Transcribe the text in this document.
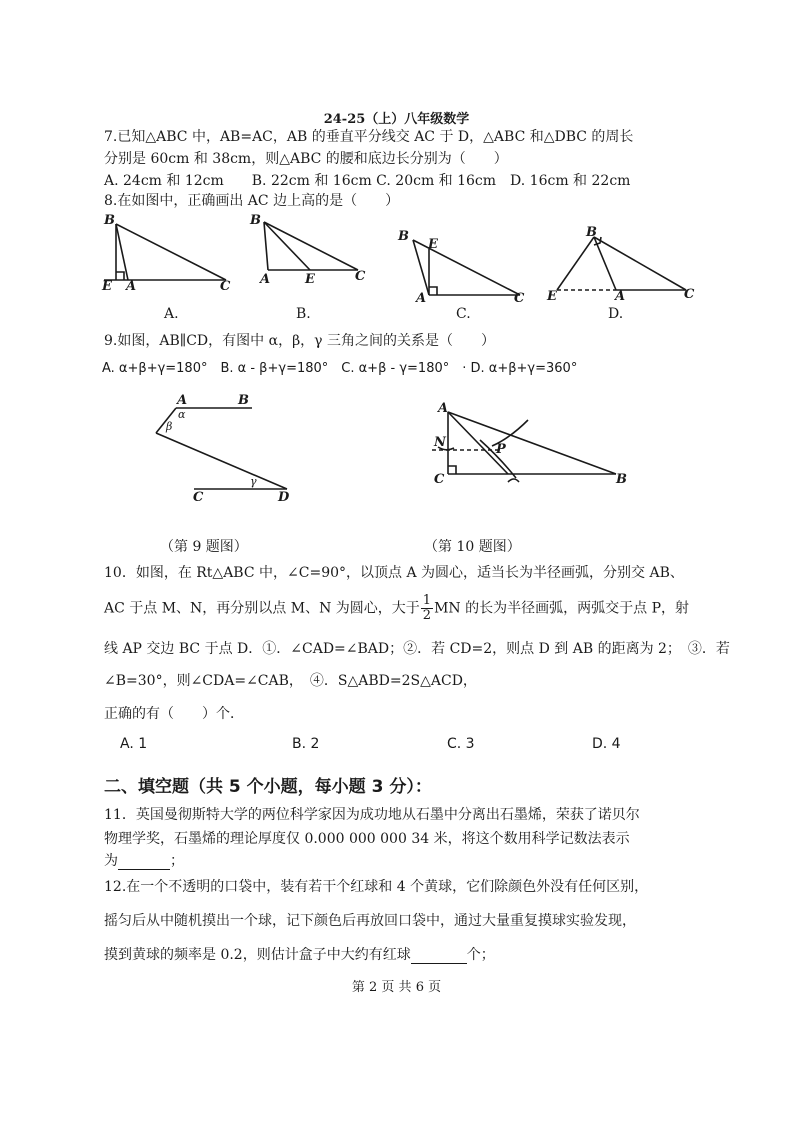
24-25（上）八年级数学
7.已知△ABC 中，AB=AC，AB 的垂直平分线交 AC 于 D，△ABC 和△DBC 的周长
分别是 60cm 和 38cm，则△ABC 的腰和底边长分别为（　　）
A. 24cm 和 12cm　　B. 22cm 和 16cm C. 20cm 和 16cm　D. 16cm 和 22cm
8.在如图中，正确画出 AC 边上高的是（　　）
B
E A	C
B
A	E	C
B
E
A	C
B
E	A	C
A	B
C	D
A
N	P
C	B
α
β
γ
A.	B.	C.	D.
9.如图，AB∥CD，有图中 α，β，γ 三角之间的关系是（　　）
A. α+β+γ=180°　B. α - β+γ=180°　C. α+β - γ=180°　· D. α+β+γ=360°
（第 9 题图）	（第 10 题图）
10．如图，在 Rt△ABC 中，∠C=90°，以顶点 A 为圆心，适当长为半径画弧，分别交 AB、
AC 于点 M、N，再分别以点 M、N 为圆心，大于 $\frac{1}{2}$ MN 的长为半径画弧，两弧交于点 P，射
线 AP 交边 BC 于点 D．①．∠CAD=∠BAD；②．若 CD=2，则点 D 到 AB 的距离为 2；　③．若
∠B=30°，则∠CDA=∠CAB，　④．S△ABD=2S△ACD，
正确的有（　　）个．
A. 1	B. 2	C. 3	D. 4
二、填空题（共 5 个小题，每小题 3 分）：
11．英国曼彻斯特大学的两位科学家因为成功地从石墨中分离出石墨烯，荣获了诺贝尔
物理学奖，石墨烯的理论厚度仅 0.000 000 000 34 米，将这个数用科学记数法表示
为	；
12.在一个不透明的口袋中，装有若干个红球和 4 个黄球，它们除颜色外没有任何区别，
摇匀后从中随机摸出一个球，记下颜色后再放回口袋中，通过大量重复摸球实验发现，
摸到黄球的频率是 0.2，则估计盒子中大约有红球	个；
第 2 页 共 6 页
